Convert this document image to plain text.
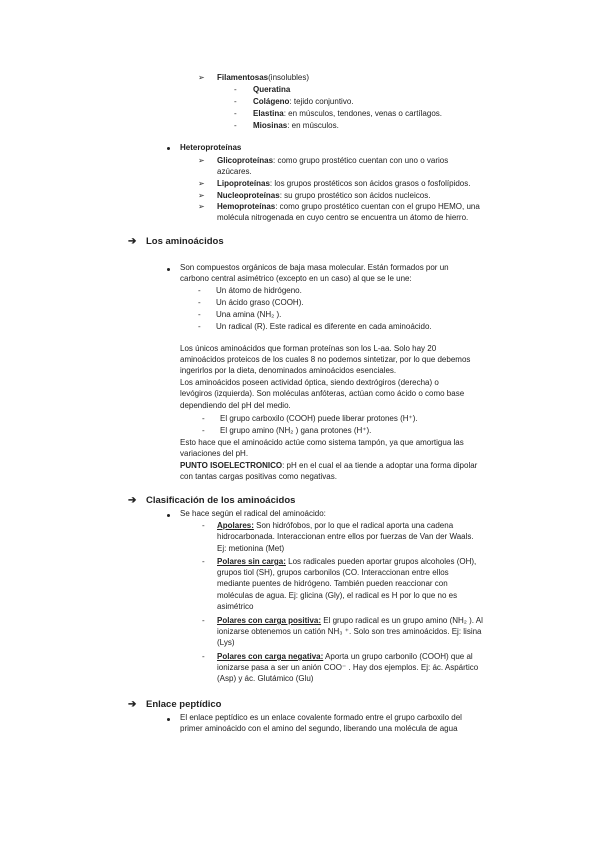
➢ Filamentosas(insolubles)
- Queratina
- Colágeno: tejido conjuntivo.
- Elastina: en músculos, tendones, venas o cartílagos.
- Miosinas: en músculos.
Heteroproteínas
➢ Glicoproteínas: como grupo prostético cuentan con uno o varios
azúcares.
➢ Lipoproteínas: los grupos prostéticos son ácidos grasos o fosfolípidos.
➢ Nucleoproteínas: su grupo prostético son ácidos nucleicos.
➢ Hemoproteínas: como grupo prostético cuentan con el grupo HEMO, una
molécula nitrogenada en cuyo centro se encuentra un átomo de hierro.
➔ Los aminoácidos
Son compuestos orgánicos de baja masa molecular. Están formados por un
carbono central asimétrico (excepto en un caso) al que se le une:
- Un átomo de hidrógeno.
- Un ácido graso (COOH).
- Una amina (NH₂ ).
- Un radical (R). Este radical es diferente en cada aminoácido.
Los únicos aminoácidos que forman proteínas son los L-aa. Solo hay 20
aminoácidos proteicos de los cuales 8 no podemos sintetizar, por lo que debemos
ingerirlos por la dieta, denominados aminoácidos esenciales.
Los aminoácidos poseen actividad óptica, siendo dextrógiros (derecha) o
levógiros (izquierda). Son moléculas anfóteras, actúan como ácido o como base
dependiendo del pH del medio.
- El grupo carboxilo (COOH) puede liberar protones (H⁺).
- El grupo amino (NH₂ ) gana protones (H⁺).
Esto hace que el aminoácido actúe como sistema tampón, ya que amortigua las
variaciones del pH.
PUNTO ISOELECTRONICO: pH en el cual el aa tiende a adoptar una forma dipolar
con tantas cargas positivas como negativas.
➔ Clasificación de los aminoácidos
Se hace según el radical del aminoácido:
- Apolares: Son hidrófobos, por lo que el radical aporta una cadena
hidrocarbonada. Interaccionan entre ellos por fuerzas de Van der Waals.
Ej: metionina (Met)
- Polares sin carga: Los radicales pueden aportar grupos alcoholes (OH),
grupos tiol (SH), grupos carbonilos (CO. Interaccionan entre ellos
mediante puentes de hidrógeno. También pueden reaccionar con
moléculas de agua. Ej: glicina (Gly), el radical es H por lo que no es
asimétrico
- Polares con carga positiva: El grupo radical es un grupo amino (NH₂ ). Al
ionizarse obtenemos un catión NH₃ ⁺. Solo son tres aminoácidos. Ej: lisina
(Lys)
- Polares con carga negativa: Aporta un grupo carbonilo (COOH) que al
ionizarse pasa a ser un anión COO⁻ . Hay dos ejemplos. Ej: ác. Aspártico
(Asp) y ác. Glutámico (Glu)
➔ Enlace peptídico
El enlace peptídico es un enlace covalente formado entre el grupo carboxilo del
primer aminoácido con el amino del segundo, liberando una molécula de agua
